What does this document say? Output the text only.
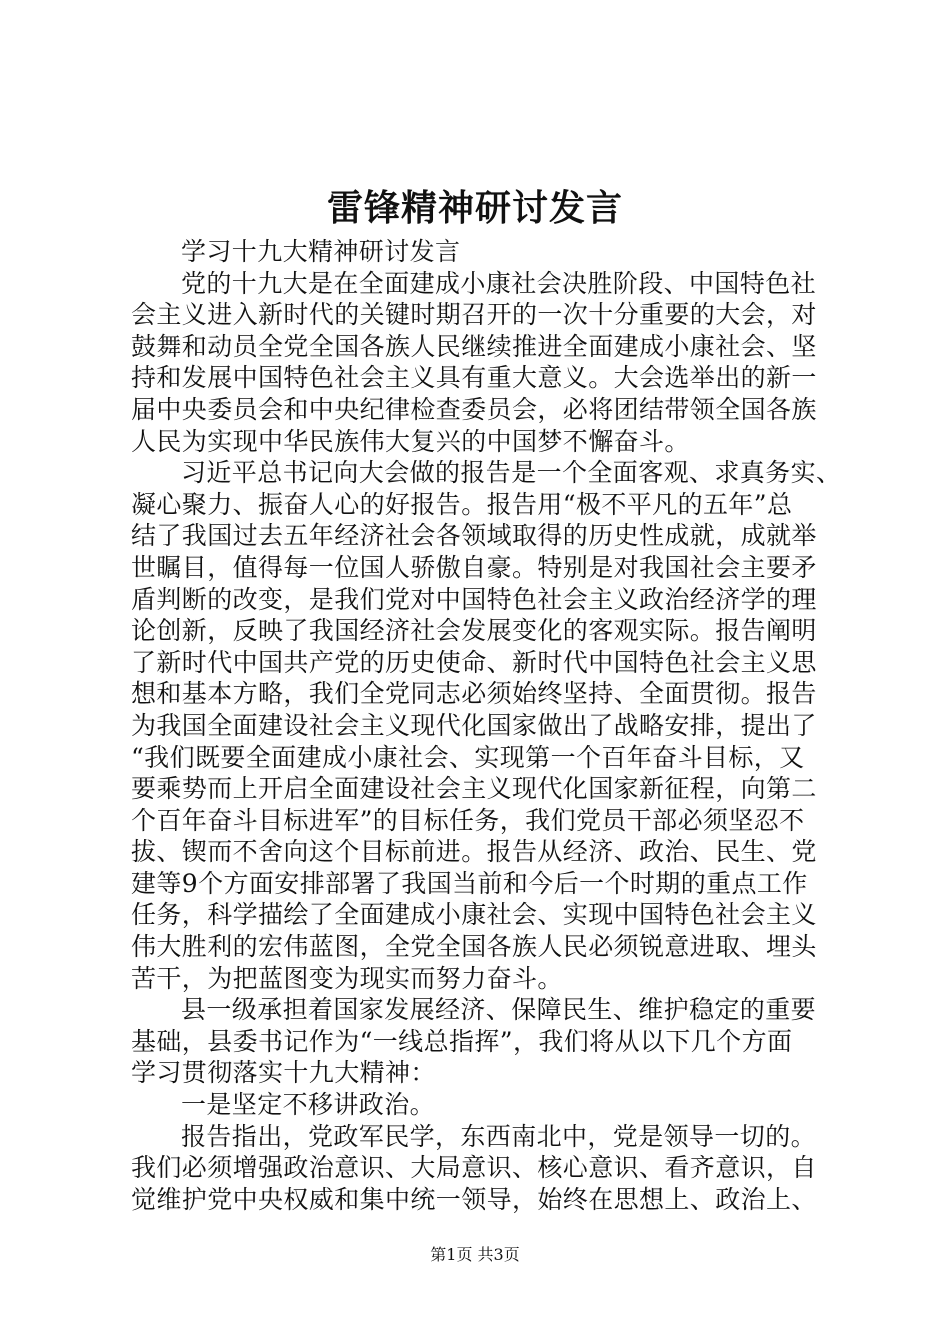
雷锋精神研讨发言
学习十九大精神研讨发言
党的十九大是在全面建成小康社会决胜阶段、中国特色社
会主义进入新时代的关键时期召开的一次十分重要的大会，对
鼓舞和动员全党全国各族人民继续推进全面建成小康社会、坚
持和发展中国特色社会主义具有重大意义。大会选举出的新一
届中央委员会和中央纪律检查委员会，必将团结带领全国各族
人民为实现中华民族伟大复兴的中国梦不懈奋斗。
习近平总书记向大会做的报告是一个全面客观、求真务实、
凝心聚力、振奋人心的好报告。报告用“极不平凡的五年”总
结了我国过去五年经济社会各领域取得的历史性成就，成就举
世瞩目，值得每一位国人骄傲自豪。特别是对我国社会主要矛
盾判断的改变，是我们党对中国特色社会主义政治经济学的理
论创新，反映了我国经济社会发展变化的客观实际。报告阐明
了新时代中国共产党的历史使命、新时代中国特色社会主义思
想和基本方略，我们全党同志必须始终坚持、全面贯彻。报告
为我国全面建设社会主义现代化国家做出了战略安排，提出了
“我们既要全面建成小康社会、实现第一个百年奋斗目标，又
要乘势而上开启全面建设社会主义现代化国家新征程，向第二
个百年奋斗目标进军”的目标任务，我们党员干部必须坚忍不
拔、锲而不舍向这个目标前进。报告从经济、政治、民生、党
建等9个方面安排部署了我国当前和今后一个时期的重点工作
任务，科学描绘了全面建成小康社会、实现中国特色社会主义
伟大胜利的宏伟蓝图，全党全国各族人民必须锐意进取、埋头
苦干，为把蓝图变为现实而努力奋斗。
县一级承担着国家发展经济、保障民生、维护稳定的重要
基础，县委书记作为“一线总指挥”，我们将从以下几个方面
学习贯彻落实十九大精神：
一是坚定不移讲政治。
报告指出，党政军民学，东西南北中，党是领导一切的。
我们必须增强政治意识、大局意识、核心意识、看齐意识，自
觉维护党中央权威和集中统一领导，始终在思想上、政治上、
第1页 共3页
